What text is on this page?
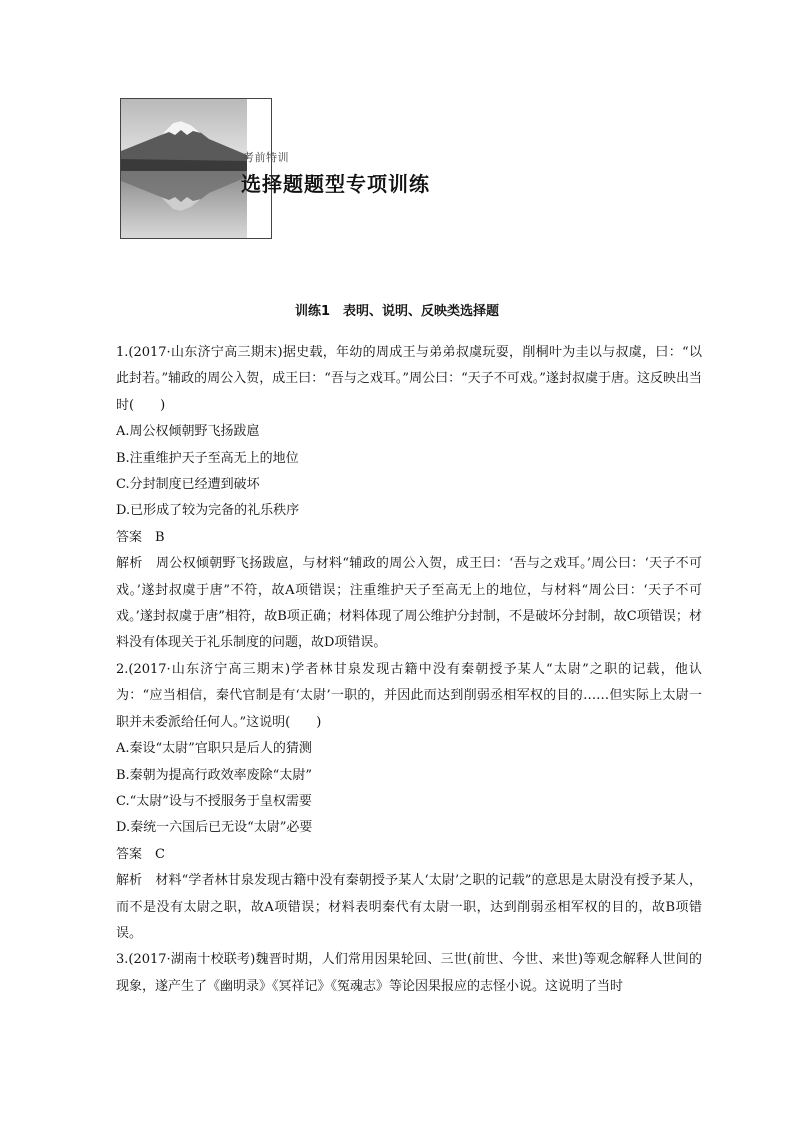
考前特训
选择题题型专项训练
训练1　表明、说明、反映类选择题

1.(2017·山东济宁高三期末)据史载，年幼的周成王与弟弟叔虞玩耍，削桐叶为圭以与叔虞，曰：“以此封若。”辅政的周公入贺，成王曰：“吾与之戏耳。”周公曰：“天子不可戏。”遂封叔虞于唐。这反映出当时(　　)

A.周公权倾朝野飞扬跋扈

B.注重维护天子至高无上的地位

C.分封制度已经遭到破坏

D.已形成了较为完备的礼乐秩序

答案　B

解析　周公权倾朝野飞扬跋扈，与材料“辅政的周公入贺，成王曰：‘吾与之戏耳。’周公曰：‘天子不可戏。’遂封叔虞于唐”不符，故A项错误；注重维护天子至高无上的地位，与材料“周公曰：‘天子不可戏。’遂封叔虞于唐”相符，故B项正确；材料体现了周公维护分封制，不是破坏分封制，故C项错误；材料没有体现关于礼乐制度的问题，故D项错误。

2.(2017·山东济宁高三期末)学者林甘泉发现古籍中没有秦朝授予某人“太尉”之职的记载，他认为：“应当相信，秦代官制是有‘太尉’一职的，并因此而达到削弱丞相军权的目的……但实际上太尉一职并未委派给任何人。”这说明(　　)

A.秦设“太尉”官职只是后人的猜测

B.秦朝为提高行政效率废除“太尉”

C.“太尉”设与不授服务于皇权需要

D.秦统一六国后已无设“太尉”必要

答案　C

解析　材料“学者林甘泉发现古籍中没有秦朝授予某人‘太尉’之职的记载”的意思是太尉没有授予某人，而不是没有太尉之职，故A项错误；材料表明秦代有太尉一职，达到削弱丞相军权的目的，故B项错误。

3.(2017·湖南十校联考)魏晋时期，人们常用因果轮回、三世(前世、今世、来世)等观念解释人世间的现象，遂产生了《幽明录》《冥祥记》《冤魂志》等论因果报应的志怪小说。这说明了当时
